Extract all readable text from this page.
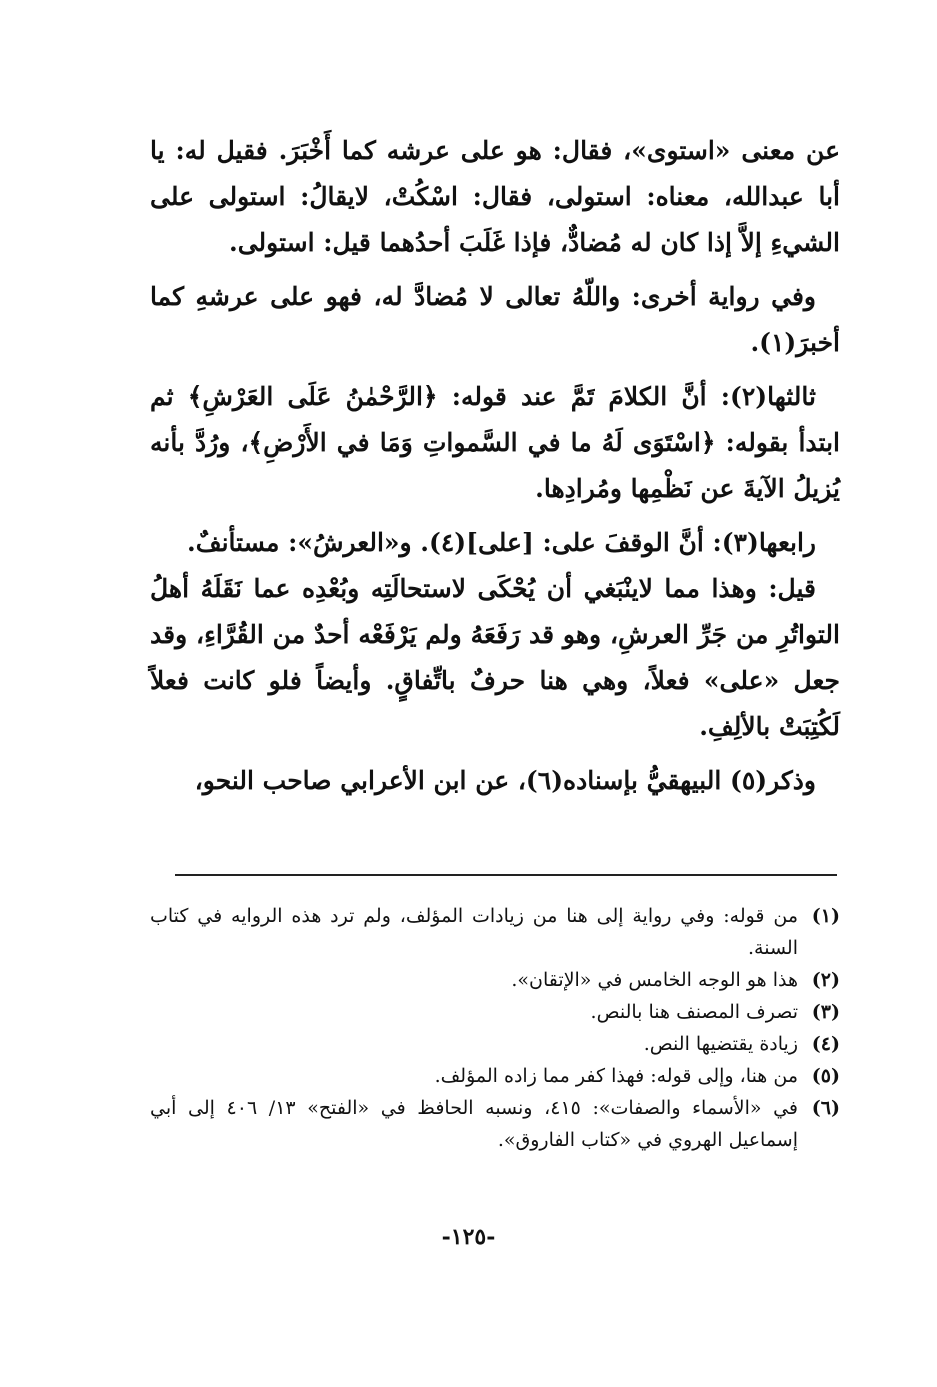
عن معنى «استوى»، فقال: هو على عرشه كما أَخْبَرَ. فقيل له: يا أبا عبدالله، معناه: استولى، فقال: اسْكُتْ، لايقالُ: استولى على الشيءِ إلاَّ إذا كان له مُضادٌّ، فإذا غَلَبَ أحدُهما قيل: استولى.

وفي رواية أخرى: واللّهُ تعالى لا مُضادَّ له، فهو على عرشهِ كما أخبرَ(١).

ثالثها(٢): أنَّ الكلامَ تَمَّ عند قوله: ﴿الرَّحْمٰنُ عَلَى العَرْشِ﴾ ثم ابتدأ بقوله: ﴿اسْتَوَى لَهُ ما في السَّمواتِ وَمَا في الأَرْضِ﴾، ورُدَّ بأنه يُزيلُ الآيةَ عن نَظْمِها ومُرادِها.

رابعها(٣): أنَّ الوقفَ على: [على](٤). و«العرشُ»: مستأنفٌ.

قيل: وهذا مما لاينْبَغي أن يُحْكَى لاستحالَتِه وبُعْدِه عما نَقَلَهُ أهلُ التواتُرِ من جَرِّ العرشِ، وهو قد رَفَعَهُ ولم يَرْفَعْه أحدٌ من القُرَّاءِ، وقد جعل «على» فعلاً، وهي هنا حرفٌ باتِّفاقٍ. وأيضاً فلو كانت فعلاً لَكُتِبَتْ بالألِفِ.

وذكر(٥) البيهقيُّ بإسناده(٦)، عن ابن الأعرابي صاحب النحو،

(١)
من قوله: وفي رواية إلى هنا من زيادات المؤلف، ولم ترد هذه الروايه في كتاب السنة.
(٢)
هذا هو الوجه الخامس في «الإتقان».
(٣)
تصرف المصنف هنا بالنص.
(٤)
زيادة يقتضيها النص.
(٥)
من هنا، وإلى قوله: فهذا كفر مما زاده المؤلف.
(٦)
في «الأسماء والصفات»: ٤١٥، ونسبه الحافظ في «الفتح» ١٣/ ٤٠٦ إلى أبي إسماعيل الهروي في «كتاب الفاروق».
-١٢٥-
